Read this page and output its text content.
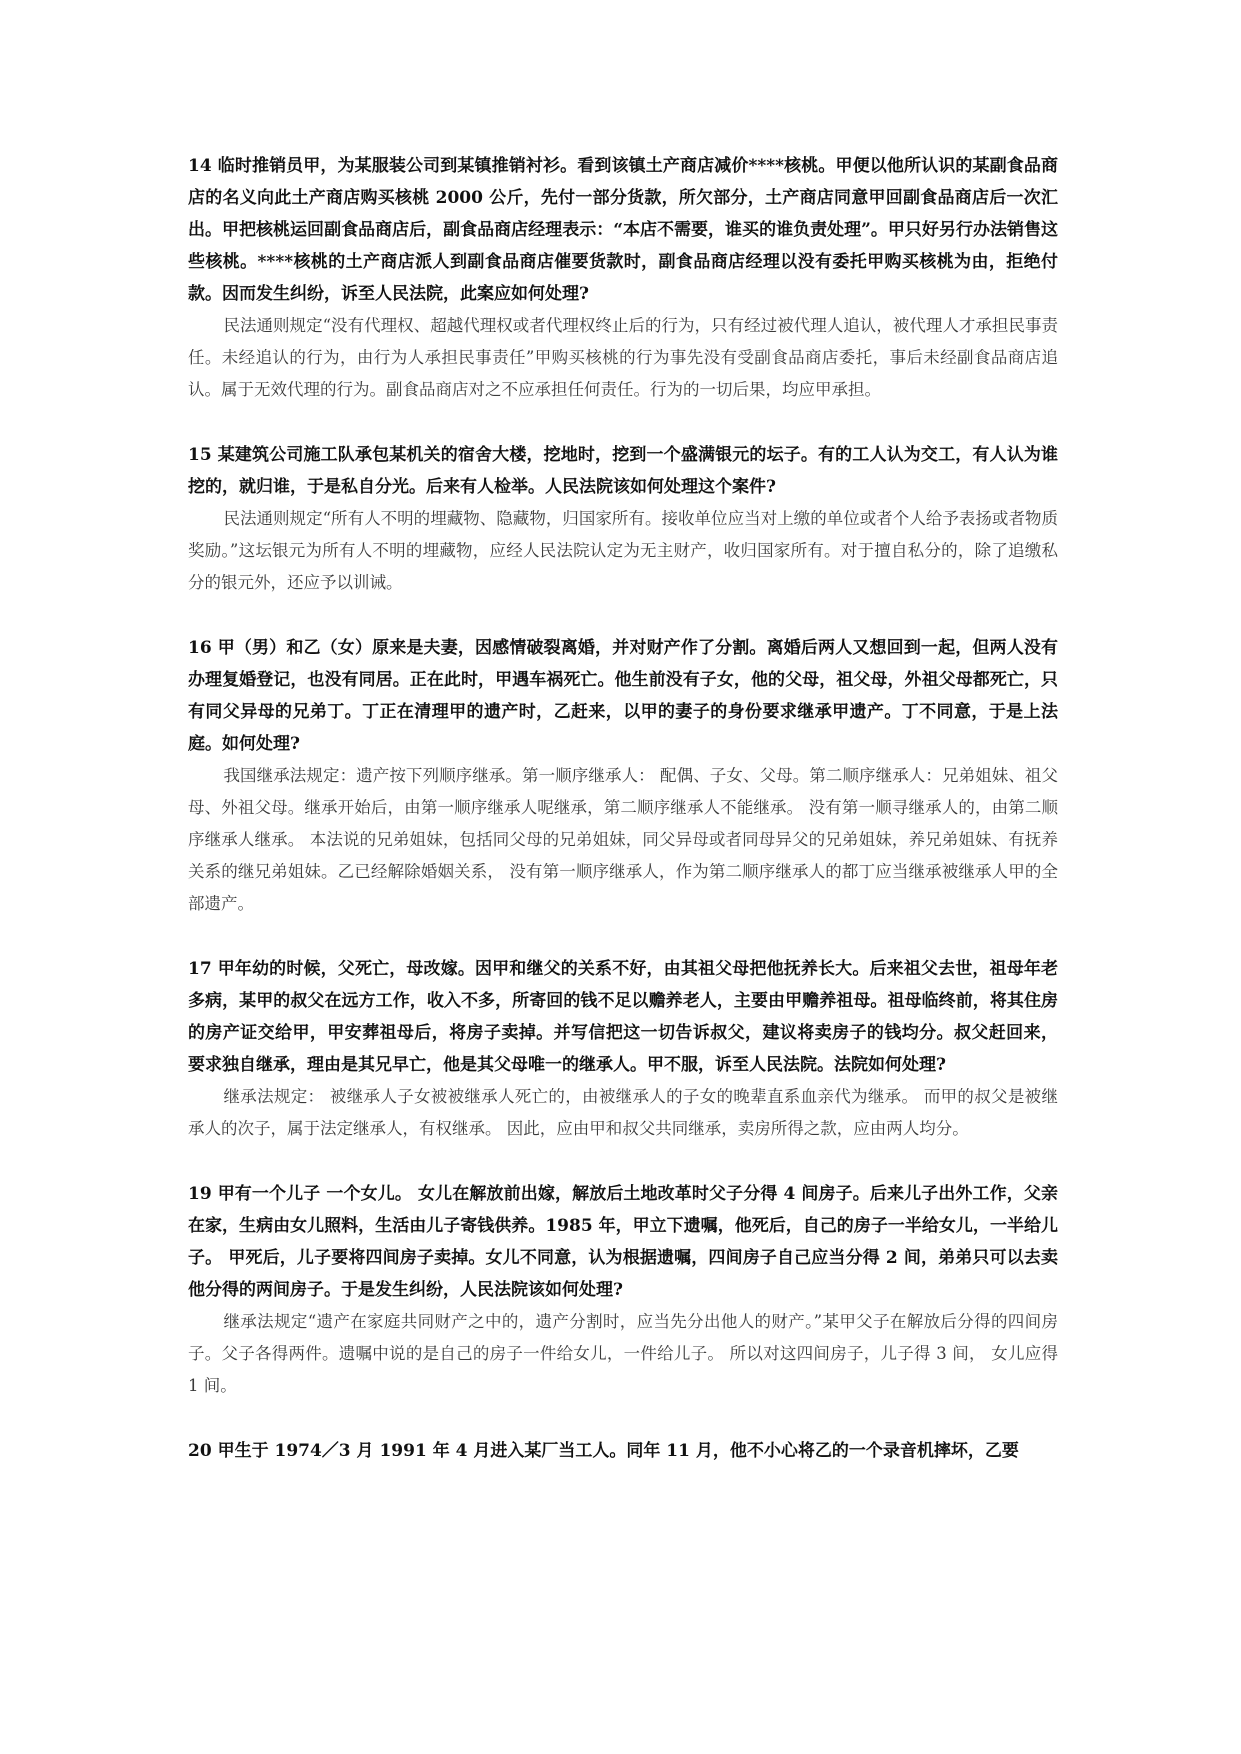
14 临时推销员甲，为某服装公司到某镇推销衬衫。看到该镇土产商店减价****核桃。甲便以他所认识的某副食品商店的名义向此土产商店购买核桃 2000 公斤，先付一部分货款，所欠部分，土产商店同意甲回副食品商店后一次汇出。甲把核桃运回副食品商店后，副食品商店经理表示：“本店不需要，谁买的谁负责处理”。甲只好另行办法销售这些核桃。****核桃的土产商店派人到副食品商店催要货款时，副食品商店经理以没有委托甲购买核桃为由，拒绝付款。因而发生纠纷，诉至人民法院，此案应如何处理?

民法通则规定“没有代理权、超越代理权或者代理权终止后的行为，只有经过被代理人追认，被代理人才承担民事责任。未经追认的行为，由行为人承担民事责任”甲购买核桃的行为事先没有受副食品商店委托，事后未经副食品商店追认。属于无效代理的行为。副食品商店对之不应承担任何责任。行为的一切后果，均应甲承担。

15 某建筑公司施工队承包某机关的宿舍大楼，挖地时，挖到一个盛满银元的坛子。有的工人认为交工，有人认为谁挖的，就归谁，于是私自分光。后来有人检举。人民法院该如何处理这个案件?

民法通则规定“所有人不明的埋藏物、隐藏物，归国家所有。接收单位应当对上缴的单位或者个人给予表扬或者物质奖励。”这坛银元为所有人不明的埋藏物，应经人民法院认定为无主财产，收归国家所有。对于擅自私分的，除了追缴私分的银元外，还应予以训诫。

16 甲（男）和乙（女）原来是夫妻，因感情破裂离婚，并对财产作了分割。离婚后两人又想回到一起，但两人没有办理复婚登记，也没有同居。正在此时，甲遇车祸死亡。他生前没有子女，他的父母，祖父母，外祖父母都死亡，只有同父异母的兄弟丁。丁正在清理甲的遗产时，乙赶来，以甲的妻子的身份要求继承甲遗产。丁不同意，于是上法庭。如何处理?

我国继承法规定：遗产按下列顺序继承。第一顺序继承人： 配偶、子女、父母。第二顺序继承人：兄弟姐妹、祖父母、外祖父母。继承开始后，由第一顺序继承人呢继承，第二顺序继承人不能继承。 没有第一顺寻继承人的，由第二顺序继承人继承。 本法说的兄弟姐妹，包括同父母的兄弟姐妹，同父异母或者同母异父的兄弟姐妹，养兄弟姐妹、有抚养关系的继兄弟姐妹。乙已经解除婚姻关系， 没有第一顺序继承人，作为第二顺序继承人的都丁应当继承被继承人甲的全部遗产。

17 甲年幼的时候，父死亡，母改嫁。因甲和继父的关系不好，由其祖父母把他抚养长大。后来祖父去世，祖母年老多病，某甲的叔父在远方工作，收入不多，所寄回的钱不足以赡养老人，主要由甲赡养祖母。祖母临终前，将其住房的房产证交给甲，甲安葬祖母后，将房子卖掉。并写信把这一切告诉叔父，建议将卖房子的钱均分。叔父赶回来， 要求独自继承，理由是其兄早亡，他是其父母唯一的继承人。甲不服，诉至人民法院。法院如何处理?

继承法规定： 被继承人子女被被继承人死亡的，由被继承人的子女的晚辈直系血亲代为继承。 而甲的叔父是被继承人的次子，属于法定继承人，有权继承。 因此，应由甲和叔父共同继承，卖房所得之款，应由两人均分。

19 甲有一个儿子 一个女儿。 女儿在解放前出嫁，解放后土地改革时父子分得 4 间房子。后来儿子出外工作，父亲在家，生病由女儿照料，生活由儿子寄钱供养。1985 年，甲立下遗嘱，他死后，自己的房子一半给女儿，一半给儿子。 甲死后，儿子要将四间房子卖掉。女儿不同意，认为根据遗嘱，四间房子自己应当分得 2 间，弟弟只可以去卖他分得的两间房子。于是发生纠纷，人民法院该如何处理?

继承法规定“遗产在家庭共同财产之中的，遗产分割时，应当先分出他人的财产。”某甲父子在解放后分得的四间房子。父子各得两件。遗嘱中说的是自己的房子一件给女儿，一件给儿子。 所以对这四间房子，儿子得 3 间， 女儿应得 1 间。

20 甲生于 1974／3 月 1991 年 4 月进入某厂当工人。同年 11 月，他不小心将乙的一个录音机摔坏，乙要
